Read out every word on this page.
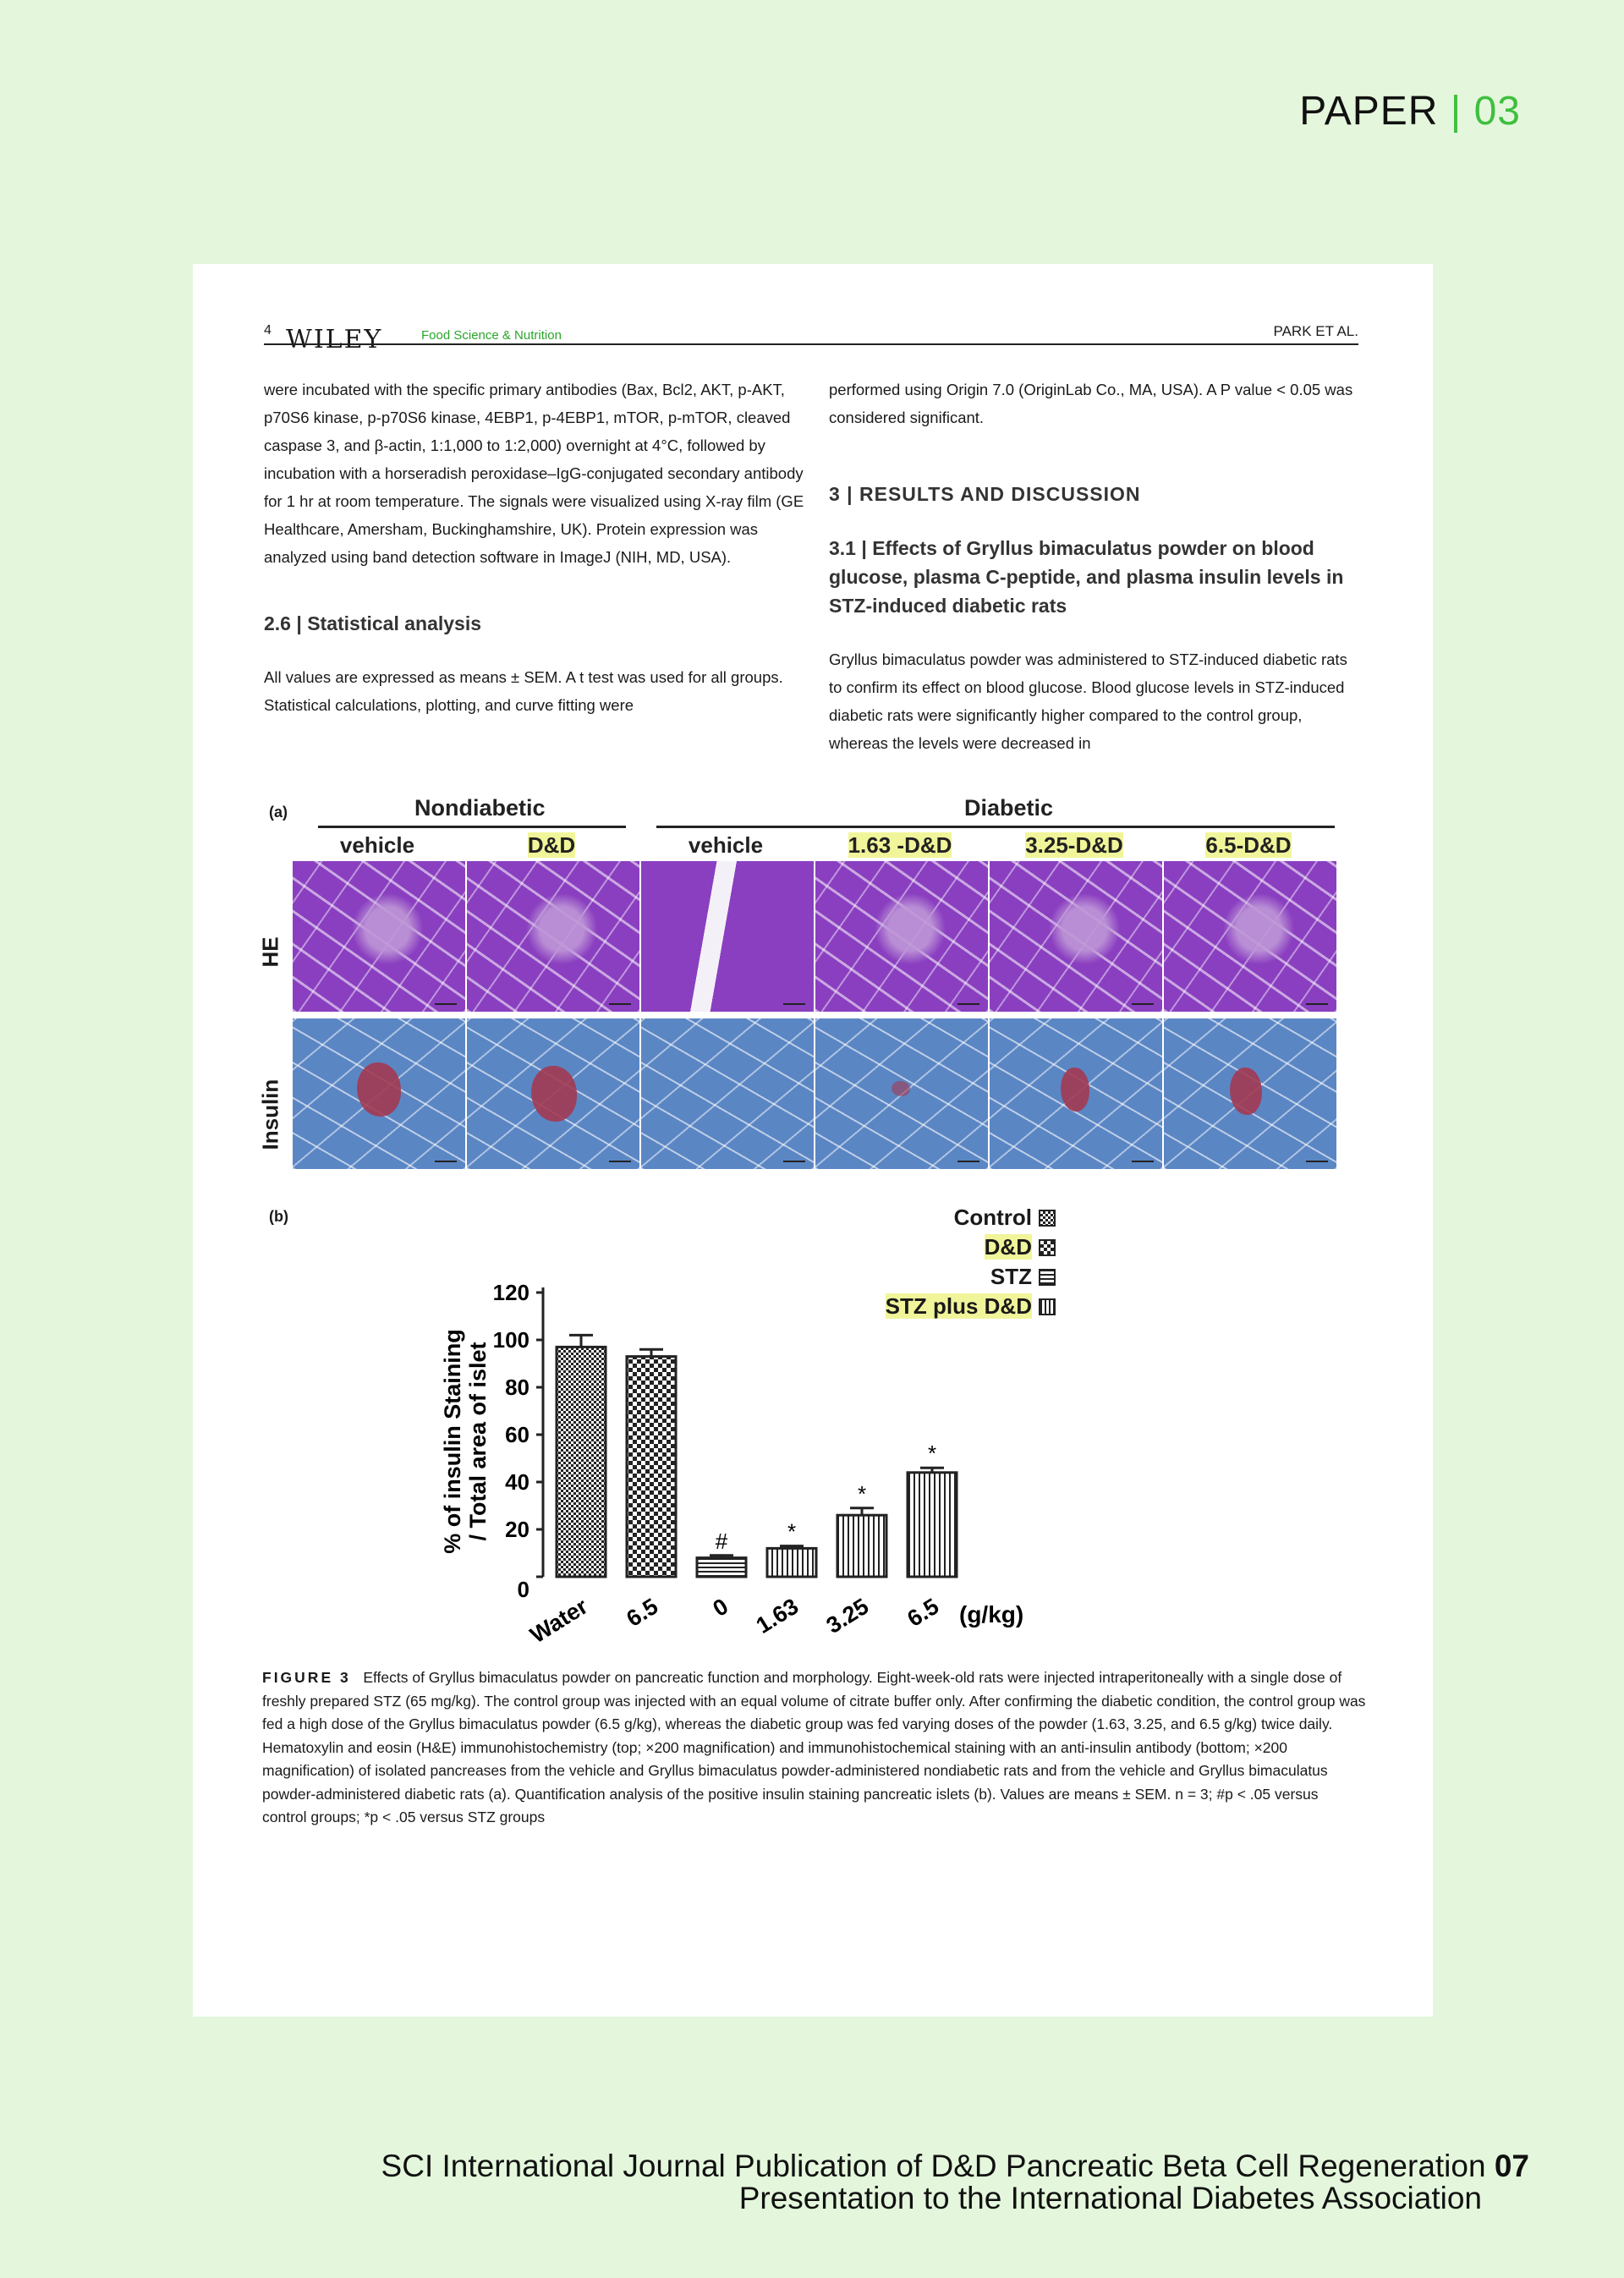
PAPER | 03
4 WILEY	Food Science & Nutrition	PARK ET AL.

were incubated with the specific primary antibodies (Bax, Bcl2, AKT, p-AKT, p70S6 kinase, p-p70S6 kinase, 4EBP1, p-4EBP1, mTOR, p-mTOR, cleaved caspase 3, and β-actin, 1:1,000 to 1:2,000) overnight at 4°C, followed by incubation with a horseradish peroxidase–IgG-conjugated secondary antibody for 1 hr at room temperature. The signals were visualized using X-ray film (GE Healthcare, Amersham, Buckinghamshire, UK). Protein expression was analyzed using band detection software in ImageJ (NIH, MD, USA).

2.6 | Statistical analysis

All values are expressed as means ± SEM. A t test was used for all groups. Statistical calculations, plotting, and curve fitting were

performed using Origin 7.0 (OriginLab Co., MA, USA). A P value < 0.05 was considered significant.

3 | RESULTS AND DISCUSSION

3.1 | Effects of Gryllus bimaculatus powder on blood glucose, plasma C-peptide, and plasma insulin levels in STZ-induced diabetic rats

Gryllus bimaculatus powder was administered to STZ-induced diabetic rats to confirm its effect on blood glucose. Blood glucose levels in STZ-induced diabetic rats were significantly higher compared to the control group, whereas the levels were decreased in

(a)	Nondiabetic	Diabetic
vehicle	D&D	vehicle	1.63 -D&D	3.25-D&D	6.5-D&D
HE
Insulin
(b)	Control
D&D
STZ
STZ plus D&D
0
20
40
60
80
100
120
Water 6.5
#
0
*
1.63
*
3.25
*
6.5
% of insulin Staining / Total area of islet
(g/kg)
FIGURE 3 Effects of Gryllus bimaculatus powder on pancreatic function and morphology. Eight-week-old rats were injected intraperitoneally with a single dose of freshly prepared STZ (65 mg/kg). The control group was injected with an equal volume of citrate buffer only. After confirming the diabetic condition, the control group was fed a high dose of the Gryllus bimaculatus powder (6.5 g/kg), whereas the diabetic group was fed varying doses of the powder (1.63, 3.25, and 6.5 g/kg) twice daily. Hematoxylin and eosin (H&E) immunohistochemistry (top; ×200 magnification) and immunohistochemical staining with an anti-insulin antibody (bottom; ×200 magnification) of isolated pancreases from the vehicle and Gryllus bimaculatus powder-administered nondiabetic rats and from the vehicle and Gryllus bimaculatus powder-administered diabetic rats (a). Quantification analysis of the positive insulin staining pancreatic islets (b). Values are means ± SEM. n = 3; #p < .05 versus control groups; *p < .05 versus STZ groups
SCI International Journal Publication of D&D Pancreatic Beta Cell Regeneration 07
Presentation to the International Diabetes Association
